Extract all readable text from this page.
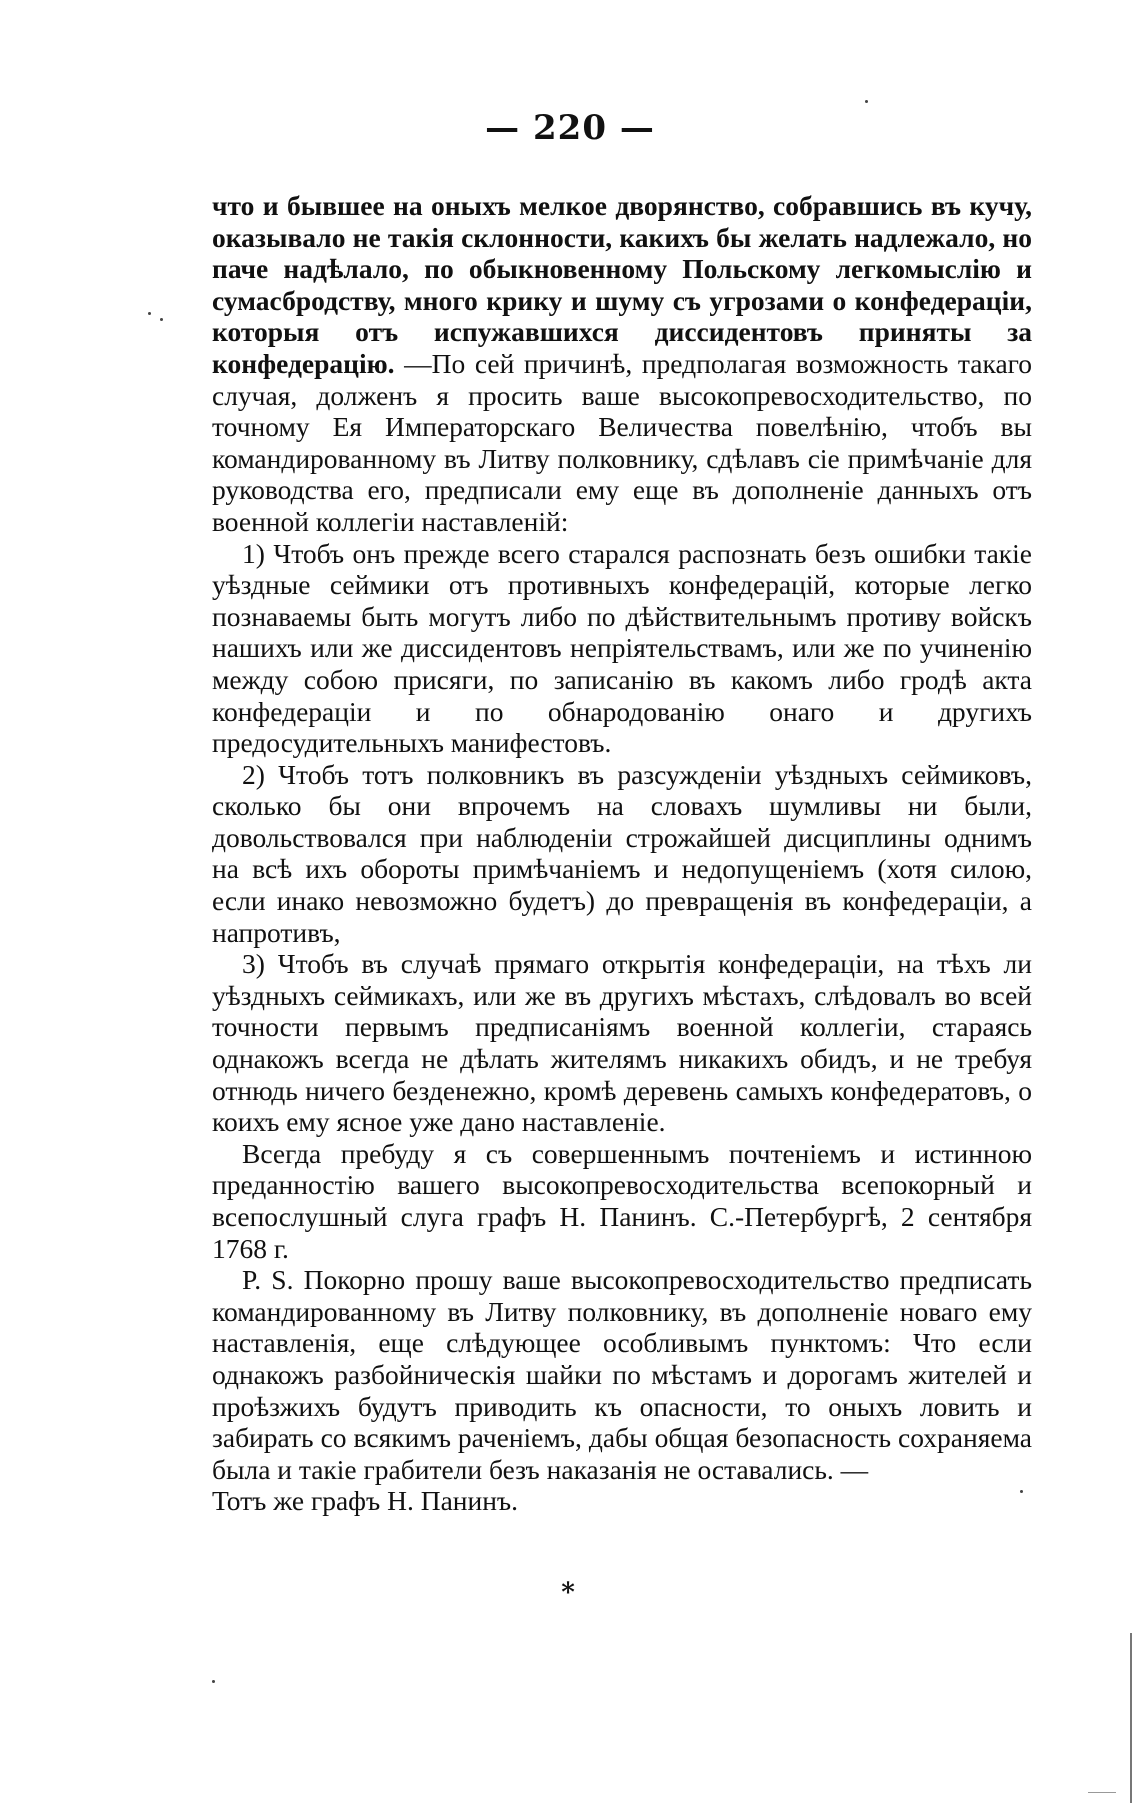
— 220 —

что и бывшее на оныхъ мелкое дворянство, собравшись въ кучу, оказывало не такія склонности, какихъ бы желать надлежало, но паче надѣлало, по обыкновенному Польскому легкомыслію и сумасбродству, много крику и шуму съ угрозами о конфедераціи, которыя отъ испужавшихся диссидентовъ приняты за конфедерацію. —По сей причинѣ, предполагая возможность такаго случая, долженъ я просить ваше высокопревосходительство, по точному Ея Императорскаго Величества повелѣнію, чтобъ вы командированному въ Литву полковнику, сдѣлавъ сіе примѣчаніе для руководства его, предписали ему еще въ дополненіе данныхъ отъ военной коллегіи наставленій:

1) Чтобъ онъ прежде всего старался распознать безъ ошибки такіе уѣздные сеймики отъ противныхъ конфедерацій, которые легко познаваемы быть могутъ либо по дѣйствительнымъ противу войскъ нашихъ или же диссидентовъ непріятельствамъ, или же по учиненію между собою присяги, по записанію въ какомъ либо гродѣ акта конфедераціи и по обнародованію онаго и другихъ предосудительныхъ манифестовъ.

2) Чтобъ тотъ полковникъ въ разсужденіи уѣздныхъ сеймиковъ, сколько бы они впрочемъ на словахъ шумливы ни были, довольствовался при наблюденіи строжайшей дисциплины однимъ на всѣ ихъ обороты примѣчаніемъ и недопущеніемъ (хотя силою, если инако невозможно будетъ) до превращенія въ конфедераціи, а напротивъ,

3) Чтобъ въ случаѣ прямаго открытія конфедераціи, на тѣхъ ли уѣздныхъ сеймикахъ, или же въ другихъ мѣстахъ, слѣдовалъ во всей точности первымъ предписаніямъ военной коллегіи, стараясь однакожъ всегда не дѣлать жителямъ никакихъ обидъ, и не требуя отнюдь ничего безденежно, кромѣ деревень самыхъ конфедератовъ, о коихъ ему ясное уже дано наставленіе.

Всегда пребуду я съ совершеннымъ почтеніемъ и истинною преданностію вашего высокопревосходительства всепокорный и всепослушный слуга графъ Н. Панинъ. С.-Петербургѣ, 2 сентября 1768 г.

P. S. Покорно прошу ваше высокопревосходительство предписать командированному въ Литву полковнику, въ дополненіе новаго ему наставленія, еще слѣдующее особливымъ пунктомъ: Что если однакожъ разбойническія шайки по мѣстамъ и дорогамъ жителей и проѣзжихъ будутъ приводить къ опасности, то оныхъ ловить и забирать со всякимъ раченіемъ, дабы общая безопасность сохраняема была и такіе грабители безъ наказанія не оставались. —

Тотъ же графъ Н. Панинъ.

*
